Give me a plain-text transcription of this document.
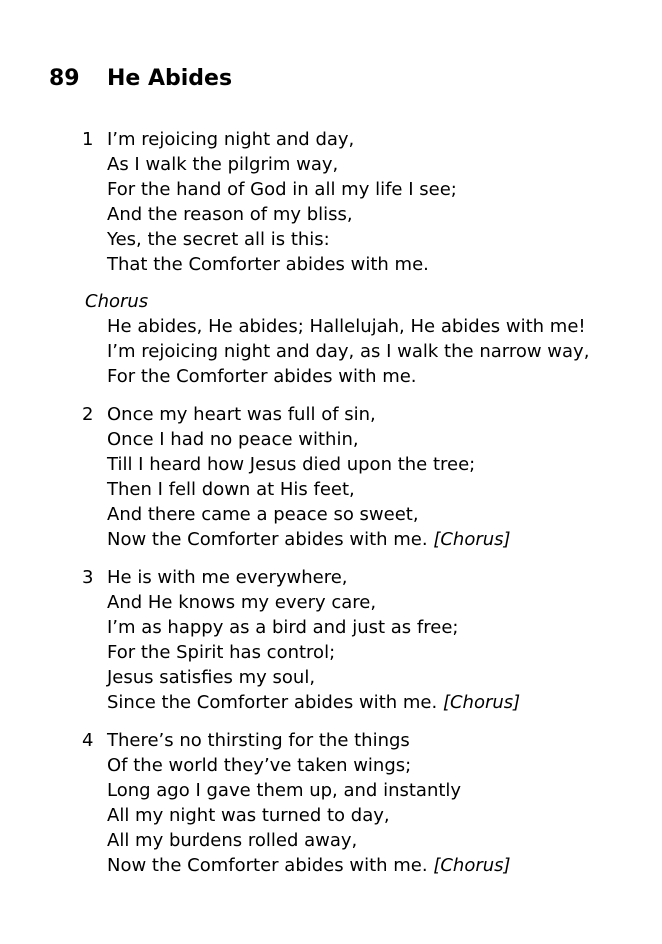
89 He Abides
1 I’m rejoicing night and day,
As I walk the pilgrim way,
For the hand of God in all my life I see;
And the reason of my bliss,
Yes, the secret all is this:
That the Comforter abides with me.
Chorus
He abides, He abides; Hallelujah, He abides with me!
I’m rejoicing night and day, as I walk the narrow way,
For the Comforter abides with me.
2 Once my heart was full of sin,
Once I had no peace within,
Till I heard how Jesus died upon the tree;
Then I fell down at His feet,
And there came a peace so sweet,
Now the Comforter abides with me. [Chorus]
3 He is with me everywhere,
And He knows my every care,
I’m as happy as a bird and just as free;
For the Spirit has control;
Jesus satisfies my soul,
Since the Comforter abides with me. [Chorus]
4 There’s no thirsting for the things
Of the world they’ve taken wings;
Long ago I gave them up, and instantly
All my night was turned to day,
All my burdens rolled away,
Now the Comforter abides with me. [Chorus]
